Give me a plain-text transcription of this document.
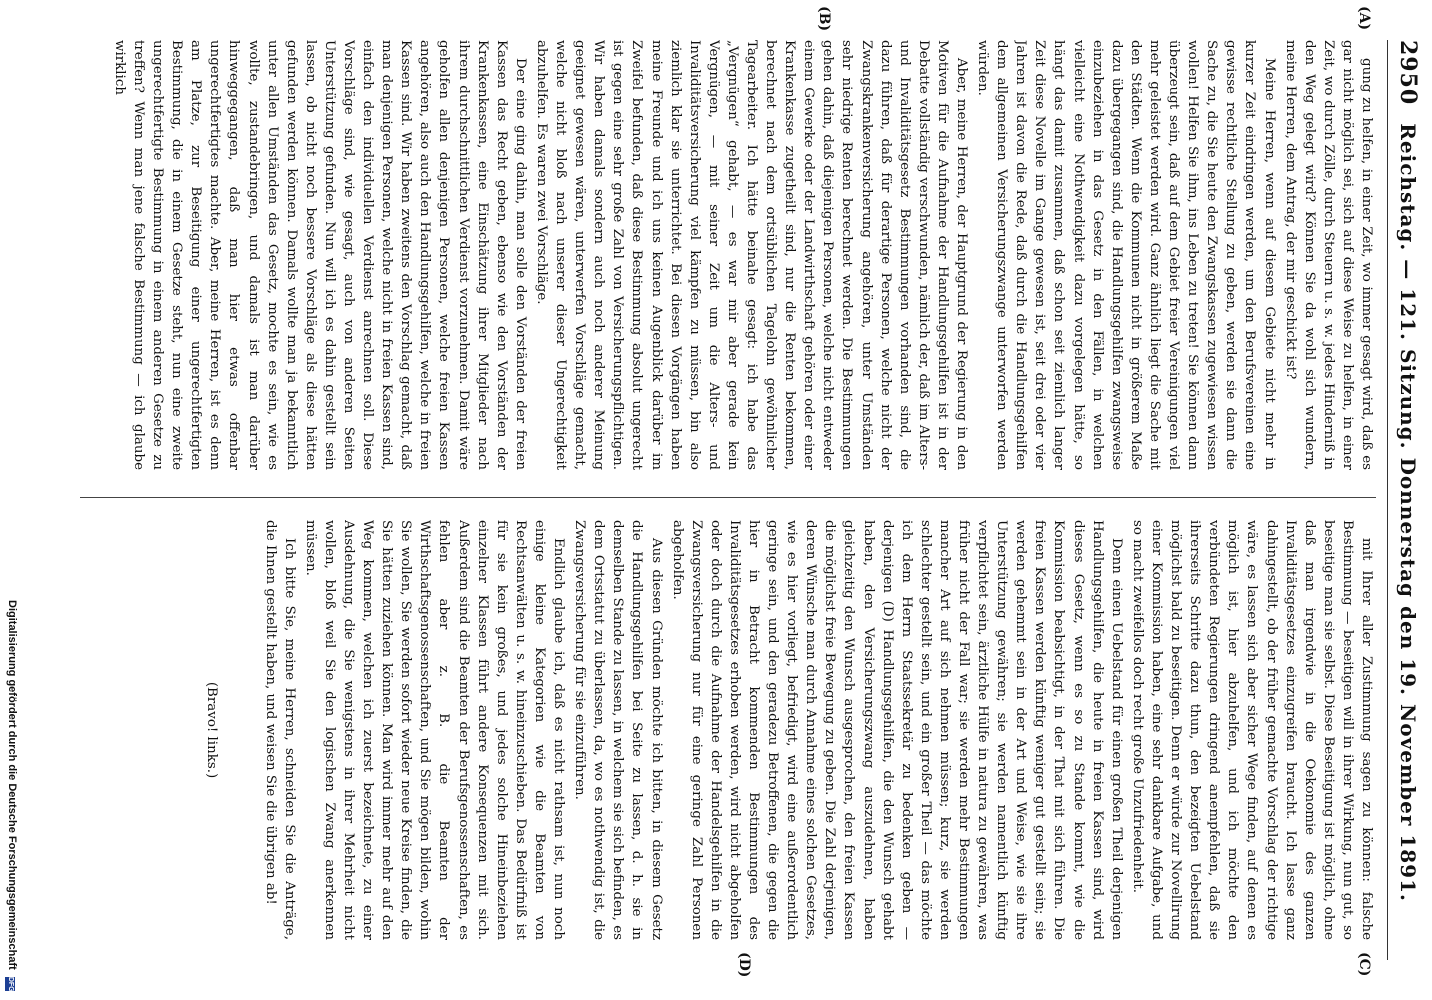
2950
Reichstag. — 121. Sitzung. Donnerstag den 19. November 1891.
(A)
(B)
(C)
(D)

gung zu helfen, in einer Zeit, wo immer gesagt wird, daß es gar nicht möglich sei, sich auf diese Weise zu helfen, in einer Zeit, wo durch Zölle, durch Steuern u. s. w. jedes Hinderniß in den Weg gelegt wird? Können Sie da wohl sich wundern, meine Herren, dem Antrag, der mir geschickt ist?

Meine Herren, wenn auf diesem Gebiete nicht mehr in kurzer Zeit eindringen werden, um den Berufsvereinen eine gewisse rechtliche Stellung zu geben, werden sie dann die Sache zu, die Sie heute den Zwangskassen zugewiesen wissen wollen! Helfen Sie ihm, ins Leben zu treten! Sie können dann überzeugt sein, daß auf dem Gebiet freier Vereinigungen viel mehr geleistet werden wird. Ganz ähnlich liegt die Sache mit den Städten. Wenn die Kommunen nicht in größerem Maße dazu übergegangen sind, die Handlungsgehilfen zwangsweise einzubeziehen in das Gesetz in den Fällen, in welchen vielleicht eine Nothwendigkeit dazu vorgelegen hätte, so hängt das damit zusammen, daß schon seit ziemlich langer Zeit diese Novelle im Gange gewesen ist, seit drei oder vier Jahren ist davon die Rede, daß durch die Handlungsgehilfen dem allgemeinen Versicherungszwange unterworfen werden würden.

Aber, meine Herren, der Hauptgrund der Regierung in den Motiven für die Aufnahme der Handlungsgehilfen ist in der Debatte vollständig verschwunden, nämlich der, daß im Alters- und Invaliditätsgesetz Bestimmungen vorhanden sind, die dazu führen, daß für derartige Personen, welche nicht der Zwangskrankenversicherung angehören, unter Umständen sehr niedrige Renten berechnet werden. Die Bestimmungen gehen dahin, daß diejenigen Personen, welche nicht entweder einem Gewerke oder der Landwirthschaft gehören oder einer Krankenkasse zugetheilt sind, nur die Renten bekommen, berechnet nach dem ortsüblichen Tagelohn gewöhnlicher Tagearbeiter. Ich hätte beinahe gesagt: ich habe das „Vergnügen“ gehabt, — es war mir aber gerade kein Vergnügen, — mit seiner Zeit um die Alters- und Invaliditätsversicherung viel kämpfen zu müssen, bin also ziemlich klar sie unterrichtet. Bei diesen Vorgängen haben meine Freunde und ich uns keinen Augenblick darüber im Zweifel befunden, daß diese Bestimmung absolut ungerecht ist gegen eine sehr große Zahl von Versicherungspflichtigen. Wir haben damals sondern auch noch anderer Meinung geeignet gewesen wären, unterwerfen Vorschläge gemacht, welche nicht bloß nach unserer dieser Ungerechtigkeit abzuhelfen. Es waren zwei Vorschläge.

Der eine ging dahin, man solle den Vorständen der freien Kassen das Recht geben, ebenso wie den Vorständen der Krankenkassen, eine Einschätzung ihrer Mitglieder nach ihrem durchschnittlichen Verdienst vorzunehmen. Damit wäre geholfen allen denjenigen Personen, welche freien Kassen angehören, also auch den Handlungsgehilfen, welche in freien Kassen sind. Wir haben zweitens den Vorschlag gemacht, daß man denjenigen Personen, welche nicht in freien Kassen sind, einfach den individuellen Verdienst anrechnen soll. Diese Vorschläge sind, wie gesagt, auch von anderen Seiten Unterstützung gefunden. Nun will ich es dahin gestellt sein lassen, ob nicht noch bessere Vorschläge als diese hätten gefunden werden können. Damals wollte man ja bekanntlich unter allen Umständen das Gesetz, mochte es sein, wie es wollte, zustandebringen, und damals ist man darüber hinweggegangen, daß man hier etwas offenbar ungerechtfertigtes machte. Aber, meine Herren, ist es denn am Platze, zur Beseitigung einer ungerechtfertigten Bestimmung, die in einem Gesetze steht, nun eine zweite ungerechtfertigte Bestimmung in einem anderen Gesetze zu treffen? Wenn man jene falsche Bestimmung — ich glaube wirklich

mit Ihrer aller Zustimmung sagen zu können: falsche Bestimmung — beseitigen will in ihrer Wirkung, nun gut, so beseitige man sie selbst. Diese Beseitigung ist möglich, ohne daß man irgendwie in die Oekonomie des ganzen Invaliditätsgesetzes einzugreifen braucht. Ich lasse ganz dahingestellt, ob der früher gemachte Vorschlag der richtige wäre, es lassen sich aber sicher Wege finden, auf denen es möglich ist, hier abzuhelfen, und ich möchte den verbündeten Regierungen dringend anempfehlen, daß sie ihrerseits Schritte dazu thun, den bezeigten Uebelstand möglichst bald zu beseitigen. Denn er würde zur Novellirung einer Kommission haben, eine sehr dankbare Aufgabe, und so macht zweifellos doch recht große Unzufriedenheit.

Denn einen Uebelstand für einen großen Theil derjenigen Handlungsgehilfen, die heute in freien Kassen sind, wird dieses Gesetz, wenn es so zu Stande kommt, wie die Kommission beabsichtigt, in der That mit sich führen. Die freien Kassen werden künftig weniger gut gestellt sein; sie werden gehemmt sein in der Art und Weise, wie sie ihre Unterstützung gewähren; sie werden namentlich künftig verpflichtet sein, ärztliche Hülfe in natura zu gewähren, was früher nicht der Fall war; sie werden mehr Bestimmungen mancher Art auf sich nehmen müssen; kurz, sie werden schlechter gestellt sein, und ein großer Theil — das möchte ich dem Herrn Staatssekretär zu bedenken geben — derjenigen (D) Handlungsgehilfen, die den Wunsch gehabt haben, den Versicherungszwang auszudehnen, haben gleichzeitig den Wunsch ausgesprochen, den freien Kassen die möglichst freie Bewegung zu geben. Die Zahl derjenigen, deren Wünsche man durch Annahme eines solchen Gesetzes, wie es hier vorliegt, befriedigt, wird eine außerordentlich geringe sein, und den geradezu Betroffenen, die gegen die hier in Betracht kommenden Bestimmungen des Invaliditätsgesetzes erhoben werden, wird nicht abgeholfen oder doch durch die Aufnahme der Handelsgehilfen in die Zwangsversicherung nur für eine geringe Zahl Personen abgeholfen.

Aus diesen Gründen möchte ich bitten, in diesem Gesetz die Handlungsgehilfen bei Seite zu lassen, d. h. sie in demselben Stande zu lassen, in welchem sie sich befinden, es dem Ortsstatut zu überlassen, da, wo es nothwendig ist, die Zwangsversicherung für sie einzuführen.

Endlich glaube ich, daß es nicht rathsam ist, nun noch einige kleine Kategorien wie die Beamten von Rechtsanwälten u. s. w. hineinzuschieben. Das Bedürfniß ist für sie kein großes, und jedes solche Hineinbeziehen einzelner Klassen führt andere Konsequenzen mit sich. Außerdem sind die Beamten der Berufsgenossenschaften, es fehlen aber z. B. die Beamten der Wirthschaftsgenossenschaften, und Sie mögen bilden, wohin Sie wollen, Sie werden sofort wieder neue Kreise finden, die Sie hätten zuziehen können. Man wird immer mehr auf den Weg kommen, welchen ich zuerst bezeichnete, zu einer Ausdehnung, die Sie wenigstens in ihrer Mehrheit nicht wollen, bloß weil Sie den logischen Zwang anerkennen müssen.

Ich bitte Sie, meine Herren, schneiden Sie die Anträge, die Ihnen gestellt haben, und weisen Sie die übrigen ab!

(Bravo! links.)

Digitalisierung gefördert durch die Deutsche Forschungsgemeinschaft DFG
